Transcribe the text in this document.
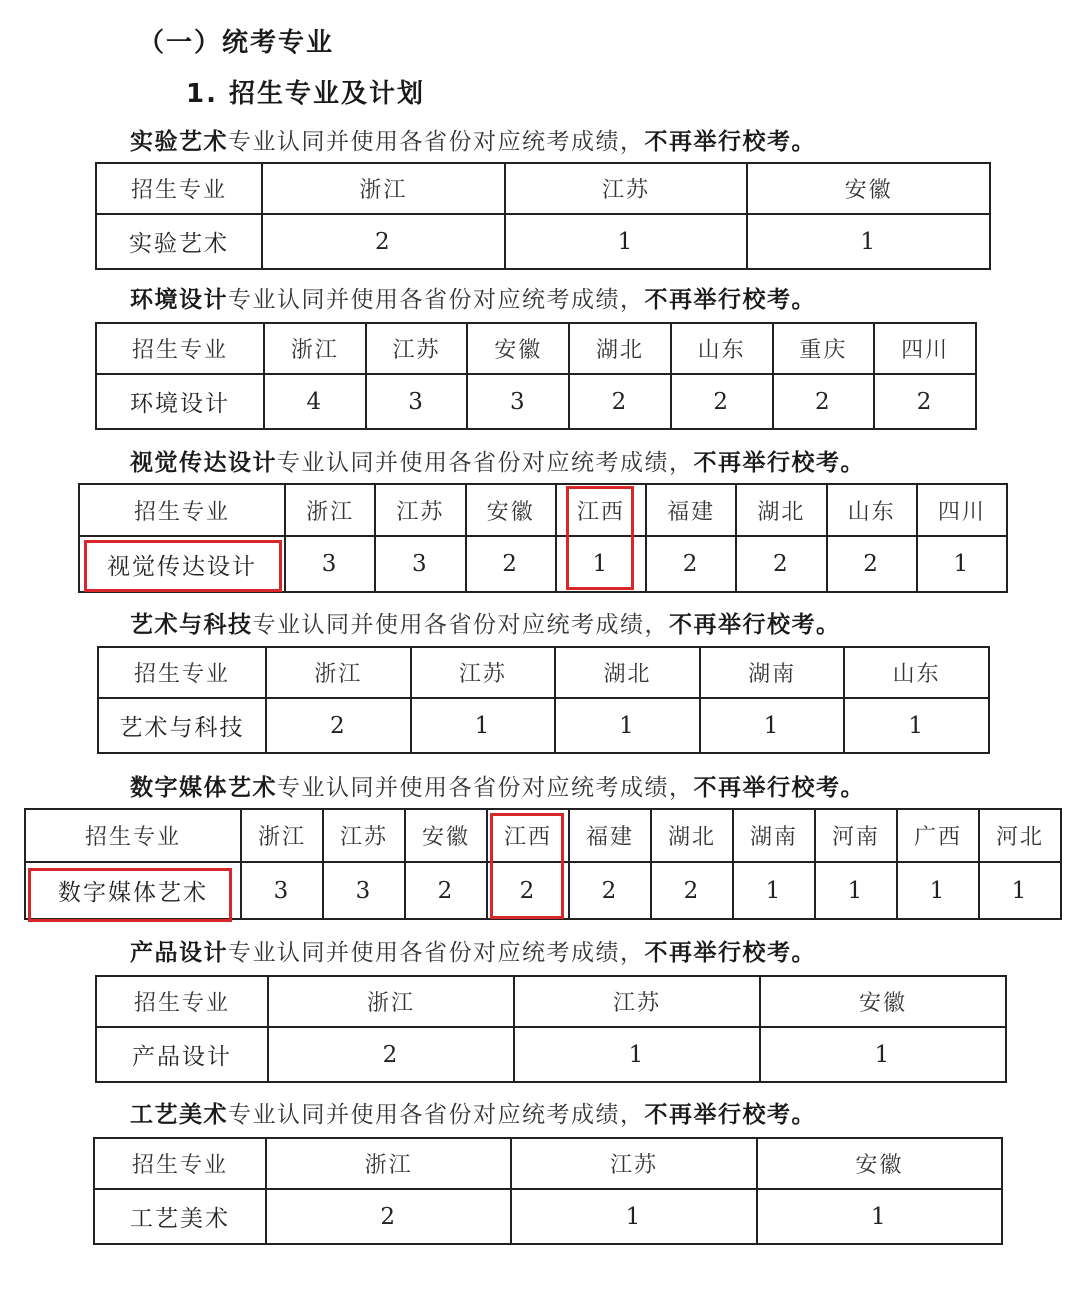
（一）统考专业
1. 招生专业及计划
实验艺术专业认同并使用各省份对应统考成绩，不再举行校考。
招生专业	浙江	江苏	安徽
实验艺术	2	1	1
环境设计专业认同并使用各省份对应统考成绩，不再举行校考。
招生专业	浙江	江苏	安徽	湖北	山东	重庆	四川
环境设计	4	3	3	2	2	2	2
视觉传达设计专业认同并使用各省份对应统考成绩，不再举行校考。
招生专业	浙江	江苏	安徽	江西	福建	湖北	山东	四川
视觉传达设计	3	3	2	1	2	2	2	1
艺术与科技专业认同并使用各省份对应统考成绩，不再举行校考。
招生专业	浙江	江苏	湖北	湖南	山东
艺术与科技	2	1	1	1	1
数字媒体艺术专业认同并使用各省份对应统考成绩，不再举行校考。
招生专业	浙江	江苏	安徽	江西	福建	湖北	湖南	河南	广西	河北
数字媒体艺术	3	3	2	2	2	2	1	1	1	1
产品设计专业认同并使用各省份对应统考成绩，不再举行校考。
招生专业	浙江	江苏	安徽
产品设计	2	1	1
工艺美术专业认同并使用各省份对应统考成绩，不再举行校考。
招生专业	浙江	江苏	安徽
工艺美术	2	1	1
